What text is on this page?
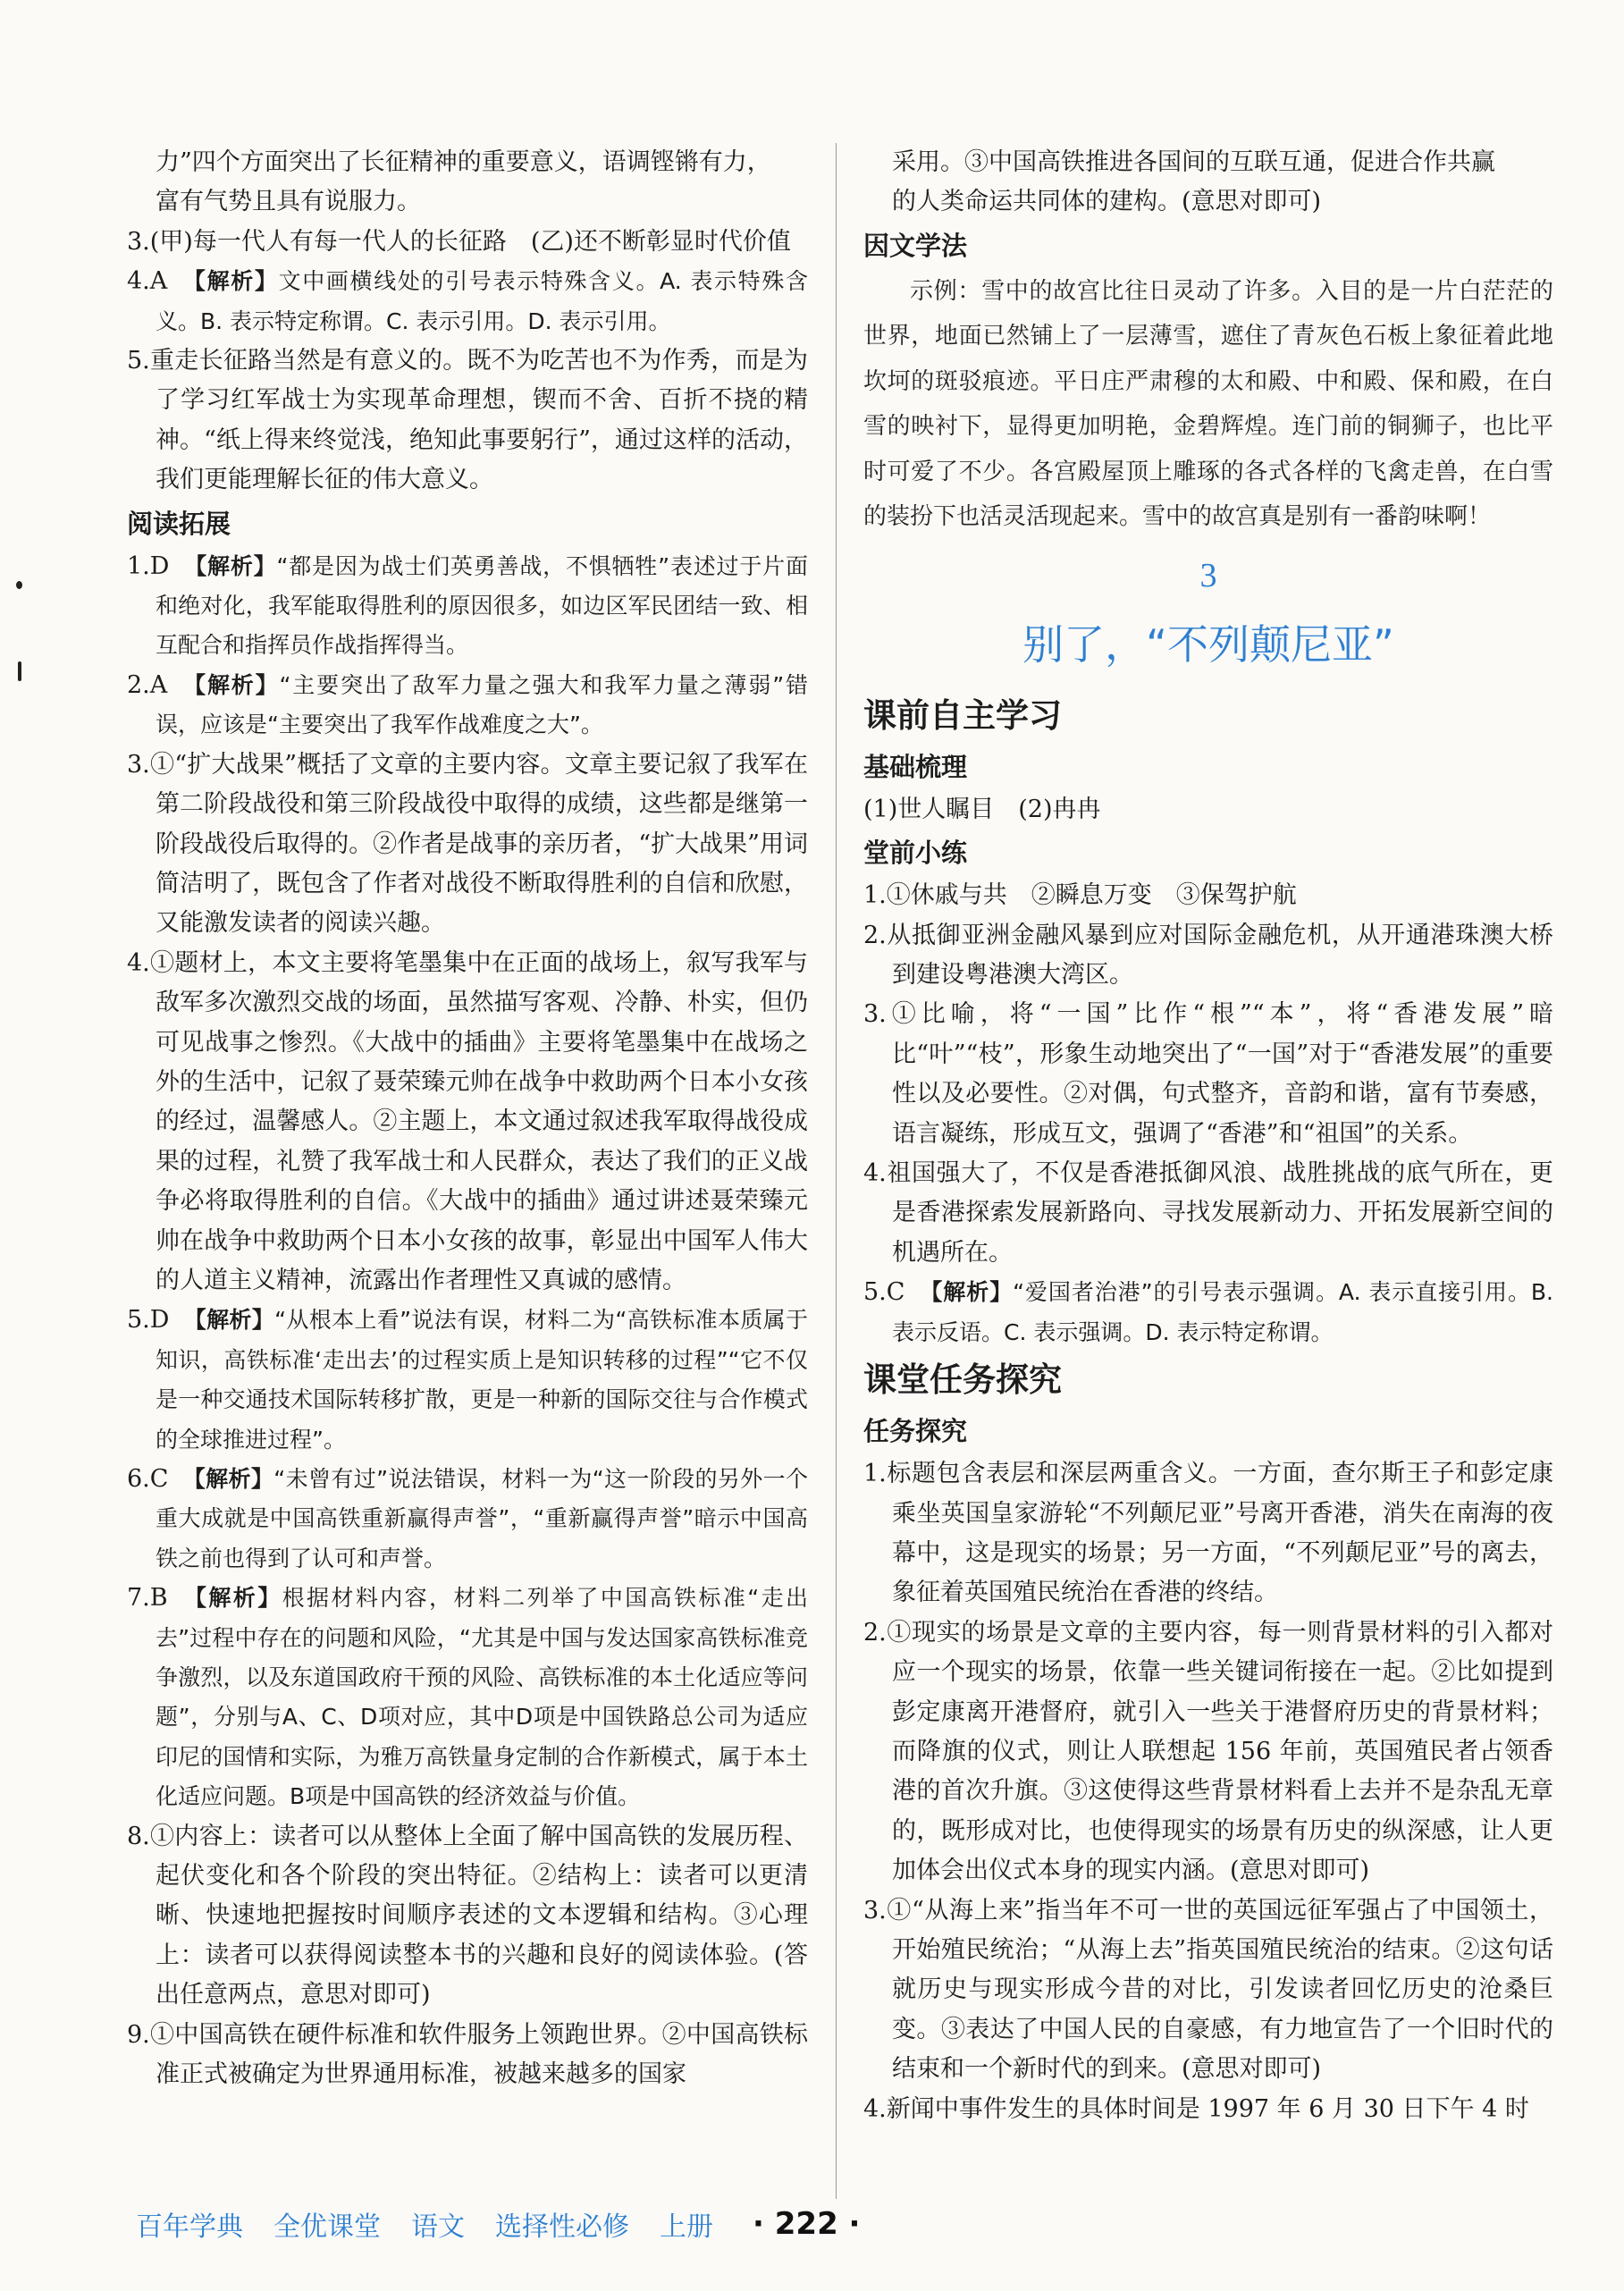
力”四个方面突出了长征精神的重要意义，语调铿锵有力，
富有气势且具有说服力。
3.(甲)每一代人有每一代人的长征路　(乙)还不断彰显时代价值
4.A 【解析】文中画横线处的引号表示特殊含义。A. 表示特殊含义。B. 表示特定称谓。C. 表示引用。D. 表示引用。
5.重走长征路当然是有意义的。既不为吃苦也不为作秀，而是为了学习红军战士为实现革命理想，锲而不舍、百折不挠的精神。“纸上得来终觉浅，绝知此事要躬行”，通过这样的活动，我们更能理解长征的伟大意义。
阅读拓展
1.D 【解析】“都是因为战士们英勇善战，不惧牺牲”表述过于片面和绝对化，我军能取得胜利的原因很多，如边区军民团结一致、相互配合和指挥员作战指挥得当。
2.A 【解析】“主要突出了敌军力量之强大和我军力量之薄弱”错误，应该是“主要突出了我军作战难度之大”。
3.①“扩大战果”概括了文章的主要内容。文章主要记叙了我军在第二阶段战役和第三阶段战役中取得的成绩，这些都是继第一阶段战役后取得的。②作者是战事的亲历者，“扩大战果”用词简洁明了，既包含了作者对战役不断取得胜利的自信和欣慰，又能激发读者的阅读兴趣。
4.①题材上，本文主要将笔墨集中在正面的战场上，叙写我军与敌军多次激烈交战的场面，虽然描写客观、冷静、朴实，但仍可见战事之惨烈。《大战中的插曲》主要将笔墨集中在战场之外的生活中，记叙了聂荣臻元帅在战争中救助两个日本小女孩的经过，温馨感人。②主题上，本文通过叙述我军取得战役成果的过程，礼赞了我军战士和人民群众，表达了我们的正义战争必将取得胜利的自信。《大战中的插曲》通过讲述聂荣臻元帅在战争中救助两个日本小女孩的故事，彰显出中国军人伟大的人道主义精神，流露出作者理性又真诚的感情。
5.D 【解析】“从根本上看”说法有误，材料二为“高铁标准本质属于知识，高铁标准‘走出去’的过程实质上是知识转移的过程”“它不仅是一种交通技术国际转移扩散，更是一种新的国际交往与合作模式的全球推进过程”。
6.C 【解析】“未曾有过”说法错误，材料一为“这一阶段的另外一个重大成就是中国高铁重新赢得声誉”，“重新赢得声誉”暗示中国高铁之前也得到了认可和声誉。
7.B 【解析】根据材料内容，材料二列举了中国高铁标准“走出去”过程中存在的问题和风险，“尤其是中国与发达国家高铁标准竞争激烈，以及东道国政府干预的风险、高铁标准的本土化适应等问题”，分别与A、C、D项对应，其中D项是中国铁路总公司为适应印尼的国情和实际，为雅万高铁量身定制的合作新模式，属于本土化适应问题。B项是中国高铁的经济效益与价值。
8.①内容上：读者可以从整体上全面了解中国高铁的发展历程、起伏变化和各个阶段的突出特征。②结构上：读者可以更清晰、快速地把握按时间顺序表述的文本逻辑和结构。③心理上：读者可以获得阅读整本书的兴趣和良好的阅读体验。(答出任意两点，意思对即可)
9.①中国高铁在硬件标准和软件服务上领跑世界。②中国高铁标准正式被确定为世界通用标准，被越来越多的国家
采用。③中国高铁推进各国间的互联互通，促进合作共赢
的人类命运共同体的建构。(意思对即可)
因文学法
示例：雪中的故宫比往日灵动了许多。入目的是一片白茫茫的世界，地面已然铺上了一层薄雪，遮住了青灰色石板上象征着此地坎坷的斑驳痕迹。平日庄严肃穆的太和殿、中和殿、保和殿，在白雪的映衬下，显得更加明艳，金碧辉煌。连门前的铜狮子，也比平时可爱了不少。各宫殿屋顶上雕琢的各式各样的飞禽走兽，在白雪的装扮下也活灵活现起来。雪中的故宫真是别有一番韵味啊！
3
别了，“不列颠尼亚”
课前自主学习
基础梳理
(1)世人瞩目　(2)冉冉
堂前小练
1.①休戚与共　②瞬息万变　③保驾护航
2.从抵御亚洲金融风暴到应对国际金融危机，从开通港珠澳大桥到建设粤港澳大湾区。
3.①比喻，将“一国”比作“根”“本”，将“香港发展”暗比“叶”“枝”，形象生动地突出了“一国”对于“香港发展”的重要性以及必要性。②对偶，句式整齐，音韵和谐，富有节奏感，语言凝练，形成互文，强调了“香港”和“祖国”的关系。
4.祖国强大了，不仅是香港抵御风浪、战胜挑战的底气所在，更是香港探索发展新路向、寻找发展新动力、开拓发展新空间的机遇所在。
5.C 【解析】“爱国者治港”的引号表示强调。A. 表示直接引用。B. 表示反语。C. 表示强调。D. 表示特定称谓。
课堂任务探究
任务探究
1.标题包含表层和深层两重含义。一方面，查尔斯王子和彭定康乘坐英国皇家游轮“不列颠尼亚”号离开香港，消失在南海的夜幕中，这是现实的场景；另一方面，“不列颠尼亚”号的离去，象征着英国殖民统治在香港的终结。
2.①现实的场景是文章的主要内容，每一则背景材料的引入都对应一个现实的场景，依靠一些关键词衔接在一起。②比如提到彭定康离开港督府，就引入一些关于港督府历史的背景材料；而降旗的仪式，则让人联想起 156 年前，英国殖民者占领香港的首次升旗。③这使得这些背景材料看上去并不是杂乱无章的，既形成对比，也使得现实的场景有历史的纵深感，让人更加体会出仪式本身的现实内涵。(意思对即可)
3.①“从海上来”指当年不可一世的英国远征军强占了中国领土，开始殖民统治；“从海上去”指英国殖民统治的结束。②这句话就历史与现实形成今昔的对比，引发读者回忆历史的沧桑巨变。③表达了中国人民的自豪感，有力地宣告了一个旧时代的结束和一个新时代的到来。(意思对即可)
4.新闻中事件发生的具体时间是 1997 年 6 月 30 日下午 4 时
百年学典 全优课堂 语文 选择性必修 上册 · 222 ·
